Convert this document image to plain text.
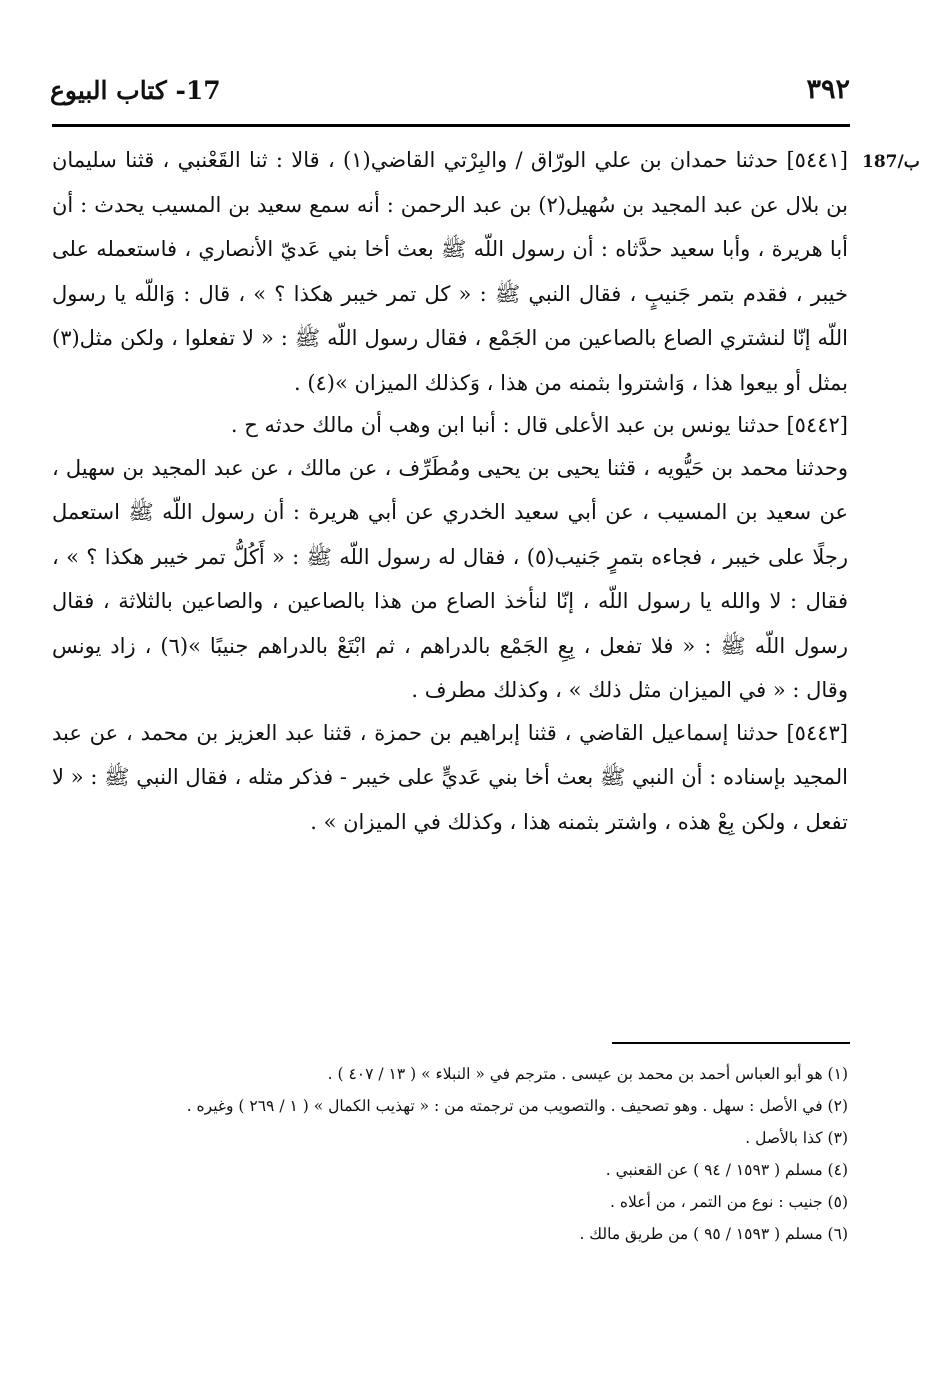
٣٩٢
17- كتاب البيوع
187/ب

[٥٤٤١] حدثنا حمدان بن علي الورّاق / والبِرْتي القاضي(١) ، قالا : ثنا القَعْنبي ، قثنا سليمان بن بلال عن عبد المجيد بن سُهيل(٢) بن عبد الرحمن : أنه سمع سعيد بن المسيب يحدث : أن أبا هريرة ، وأبا سعيد حدَّثاه : أن رسول اللّه ﷺ بعث أخا بني عَديّ الأنصاري ، فاستعمله على خيبر ، فقدم بتمر جَنيبٍ ، فقال النبي ﷺ : « كل تمر خيبر هكذا ؟ » ، قال : وَاللّه يا رسول اللّه إنّا لنشتري الصاع بالصاعين من الجَمْع ، فقال رسول اللّه ﷺ : « لا تفعلوا ، ولكن مثل(٣) بمثل أو بيعوا هذا ، وَاشتروا بثمنه من هذا ، وَكذلك الميزان »(٤) .

[٥٤٤٢] حدثنا يونس بن عبد الأعلى قال : أنبا ابن وهب أن مالك حدثه ح .

وحدثنا محمد بن حَيُّويه ، قثنا يحيى بن يحيى ومُطَرِّف ، عن مالك ، عن عبد المجيد بن سهيل ، عن سعيد بن المسيب ، عن أبي سعيد الخدري عن أبي هريرة : أن رسول اللّه ﷺ استعمل رجلًا على خيبر ، فجاءه بتمرٍ جَنيب(٥) ، فقال له رسول اللّه ﷺ : « أَكُلُّ تمر خيبر هكذا ؟ » ، فقال : لا والله يا رسول اللّه ، إنّا لنأخذ الصاع من هذا بالصاعين ، والصاعين بالثلاثة ، فقال رسول اللّه ﷺ : « فلا تفعل ، بِعِ الجَمْع بالدراهم ، ثم ابْتَعْ بالدراهم جنيبًا »(٦) ، زاد يونس وقال : « في الميزان مثل ذلك » ، وكذلك مطرف .

[٥٤٤٣] حدثنا إسماعيل القاضي ، قثنا إبراهيم بن حمزة ، قثنا عبد العزيز بن محمد ، عن عبد المجيد بإسناده : أن النبي ﷺ بعث أخا بني عَديٍّ على خيبر - فذكر مثله ، فقال النبي ﷺ : « لا تفعل ، ولكن بِعْ هذه ، واشتر بثمنه هذا ، وكذلك في الميزان » .

(١) هو أبو العباس أحمد بن محمد بن عيسى . مترجم في « النبلاء » ( ١٣ / ٤٠٧ ) .

(٢) في الأصل : سهل . وهو تصحيف . والتصويب من ترجمته من : « تهذيب الكمال » ( ١ / ٢٦٩ ) وغيره .

(٣) كذا بالأصل .

(٤) مسلم ( ١٥٩٣ / ٩٤ ) عن القعنبي .

(٥) جنيب : نوع من التمر ، من أعلاه .

(٦) مسلم ( ١٥٩٣ / ٩٥ ) من طريق مالك .
